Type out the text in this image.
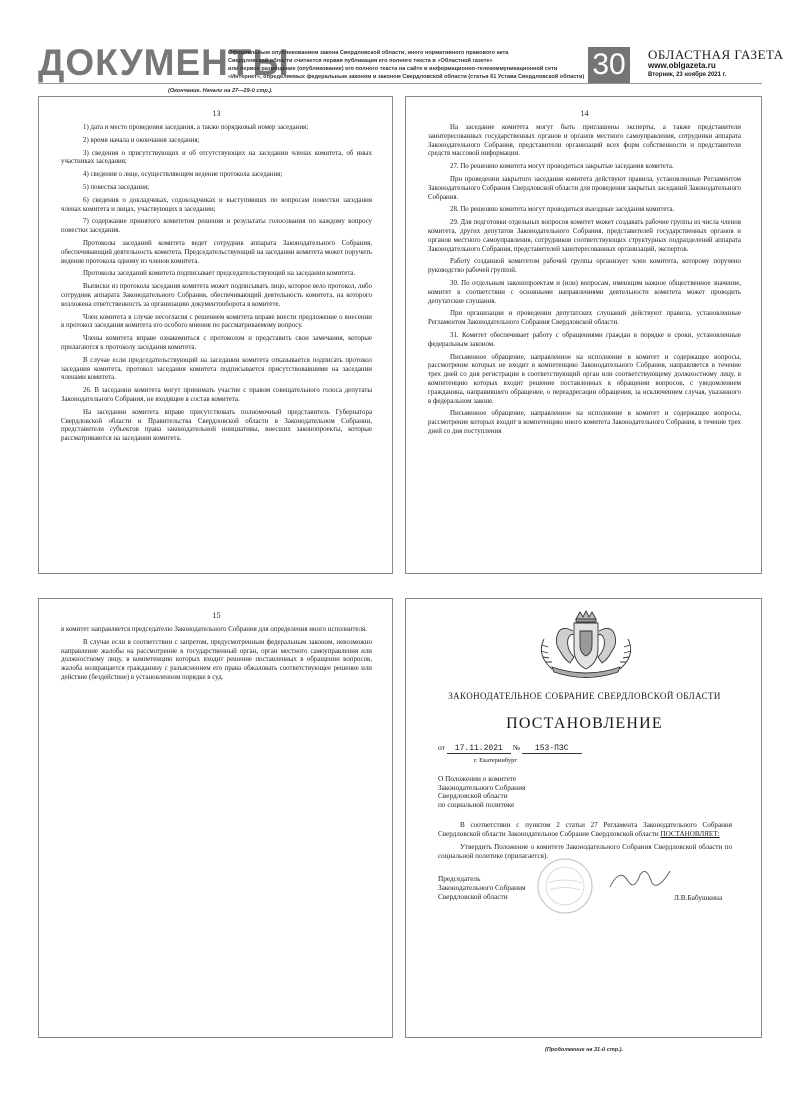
ДОКУМЕНТЫ
Официальным опубликованием закона Свердловской области, иного нормативного правового акта
Свердловской области считается первая публикация его полного текста в «Областной газете»
или первое размещение (опубликование) его полного текста на сайте в информационно-телекоммуникационной сети
«Интернет», определяемых федеральным законом и законом Свердловской области (статья 61 Устава Свердловской области) 30	ОБЛАСТНАЯ ГАЗЕТА
www.oblgazeta.ru
Вторник, 23 ноября 2021 г.
(Окончание. Начало на 27—29-й стр.).
13

1) дата и место проведения заседания, а также порядковый номер заседания;

2) время начала и окончания заседания;

3) сведения о присутствующих и об отсутствующих на заседании членах комитета, об иных участниках заседания;

4) сведения о лице, осуществляющем ведение протокола заседания;

5) повестка заседания;

6) сведения о докладчиках, содокладчиках и выступивших по вопросам повестки заседания членах комитета и лицах, участвующих в заседании;

7) содержание принятого комитетом решения и результаты голосования по каждому вопросу повестки заседания.

Протоколы заседаний комитета ведет сотрудник аппарата Законодательного Собрания, обеспечивающий деятельность комитета. Председательствующий на заседании комитета может поручить ведение протокола одному из членов комитета.

Протоколы заседаний комитета подписывает председательствующий на заседании комитета.

Выписки из протокола заседания комитета может подписывать лицо, которое вело протокол, либо сотрудник аппарата Законодательного Собрания, обеспечивающий деятельность комитета, на которого возложена ответственность за организацию документооборота в комитете.

Член комитета в случае несогласия с решением комитета вправе внести предложение о внесении в протокол заседания комитета его особого мнения по рассматриваемому вопросу.

Члены комитета вправе ознакомиться с протоколом и представить свои замечания, которые прилагаются к протоколу заседания комитета.

В случае если председательствующий на заседании комитета отказывается подписать протокол заседания комитета, протокол заседания комитета подписывается присутствовавшими на заседании членами комитета.

26. В заседании комитета могут принимать участие с правом совещательного голоса депутаты Законодательного Собрания, не входящие в состав комитета.

На заседании комитета вправе присутствовать полномочный представитель Губернатора Свердловской области и Правительства Свердловской области в Законодательном Собрании, представители субъектов права законодательной инициативы, внесших законопроекты, которые рассматриваются на заседании комитета.

14

На заседание комитета могут быть приглашены эксперты, а также представители заинтересованных государственных органов и органов местного самоуправления, сотрудники аппарата Законодательного Собрания, представители организаций всех форм собственности и представители средств массовой информации.

27. По решению комитета могут проводиться закрытые заседания комитета.

При проведении закрытого заседания комитета действуют правила, установленные Регламентом Законодательного Собрания Свердловской области для проведения закрытых заседаний Законодательного Собрания.

28. По решению комитета могут проводиться выездные заседания комитета.

29. Для подготовки отдельных вопросов комитет может создавать рабочие группы из числа членов комитета, других депутатов Законодательного Собрания, представителей государственных органов и органов местного самоуправления, сотрудников соответствующих структурных подразделений аппарата Законодательного Собрания, представителей заинтересованных организаций, экспертов.

Работу созданной комитетом рабочей группы организует член комитета, которому поручено руководство рабочей группой.

30. По отдельным законопроектам и (или) вопросам, имеющим важное общественное значение, комитет в соответствии с основными направлениями деятельности комитета может проводить депутатские слушания.

При организации и проведении депутатских слушаний действуют правила, установленные Регламентом Законодательного Собрания Свердловской области.

31. Комитет обеспечивает работу с обращениями граждан в порядке и сроки, установленные федеральным законом.

Письменное обращение, направленное на исполнение в комитет и содержащее вопросы, рассмотрение которых не входит в компетенцию Законодательного Собрания, направляется в течение трех дней со дня регистрации в соответствующий орган или соответствующему должностному лицу, в компетенцию которых входит решение поставленных в обращении вопросов, с уведомлением гражданина, направившего обращение, о переадресации обращения, за исключением случая, указанного в федеральном законе.

Письменное обращение, направленное на исполнение в комитет и содержащее вопросы, рассмотрение которых входит в компетенцию иного комитета Законодательного Собрания, в течение трех дней со дня поступления

15

в комитет направляется председателю Законодательного Собрания для определения иного исполнителя.

В случае если в соответствии с запретом, предусмотренным федеральным законом, невозможно направление жалобы на рассмотрение в государственный орган, орган местного самоуправления или должностному лицу, в компетенцию которых входит решение поставленных в обращении вопросов, жалоба возвращается гражданину с разъяснением его права обжаловать соответствующее решение или действие (бездействие) в установленном порядке в суд.

ЗАКОНОДАТЕЛЬНОЕ СОБРАНИЕ СВЕРДЛОВСКОЙ ОБЛАСТИ
ПОСТАНОВЛЕНИЕ
от 17.11.2021 № 153-ПЗС
г. Екатеринбург
О Положении о комитете
Законодательного Собрания
Свердловской области
по социальной политике

В соответствии с пунктом 2 статьи 27 Регламента Законодательного Собрания Свердловской области Законодательное Собрание Свердловской области ПОСТАНОВЛЯЕТ:

Утвердить Положение о комитете Законодательного Собрания Свердловской области по социальной политике (прилагается).

Председатель
Законодательного Собрания
Свердловской области	Л.В.Бабушкина
(Продолжение на 31-й стр.).
